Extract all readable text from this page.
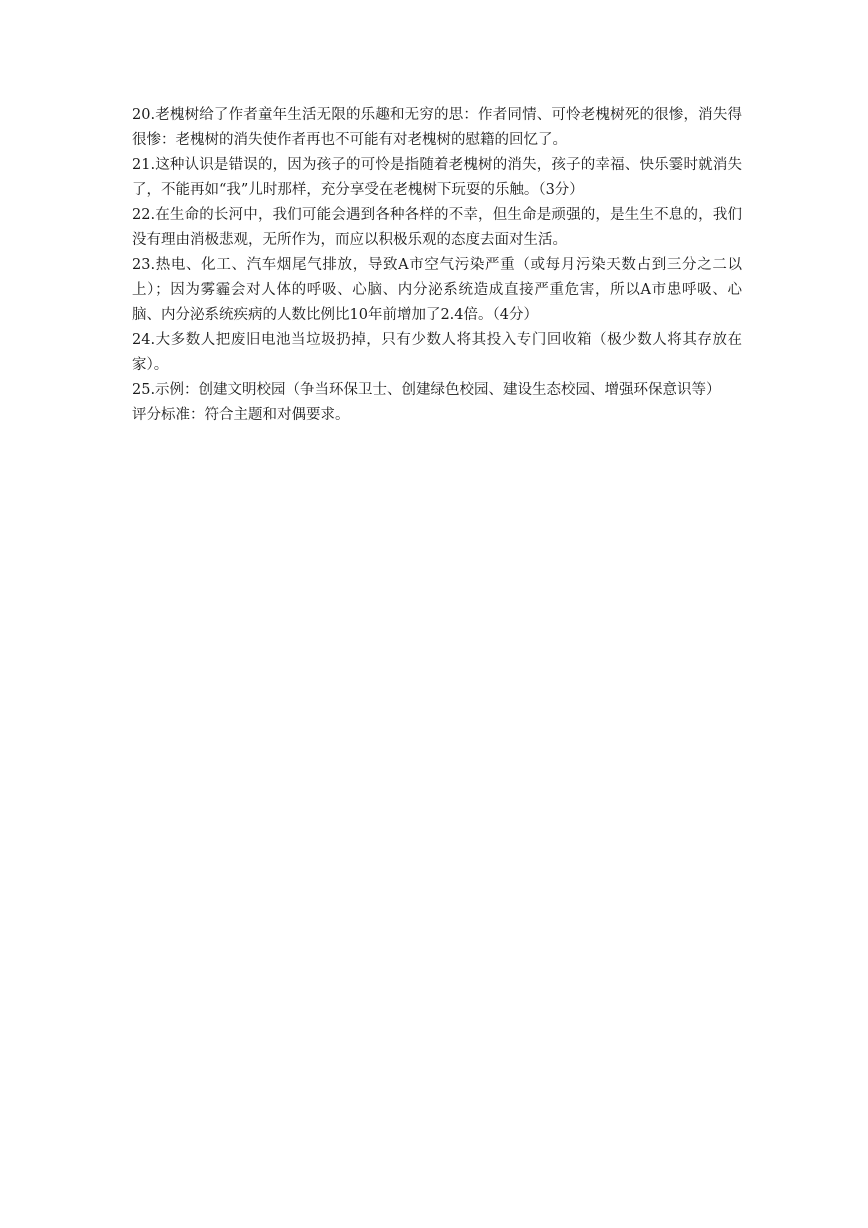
20.老槐树给了作者童年生活无限的乐趣和无穷的思：作者同情、可怜老槐树死的很惨，消失得很惨：老槐树的消失使作者再也不可能有对老槐树的慰籍的回忆了。

21.这种认识是错误的，因为孩子的可怜是指随着老槐树的消失，孩子的幸福、快乐霎时就消失了，不能再如“我”儿时那样，充分享受在老槐树下玩耍的乐触。（3分）

22.在生命的长河中，我们可能会遇到各种各样的不幸，但生命是顽强的，是生生不息的，我们没有理由消极悲观，无所作为，而应以积极乐观的态度去面对生活。

23.热电、化工、汽车烟尾气排放，导致A市空气污染严重（或每月污染天数占到三分之二以上）；因为雾霾会对人体的呼吸、心脑、内分泌系统造成直接严重危害，所以A市患呼吸、心脑、内分泌系统疾病的人数比例比10年前增加了2.4倍。（4分）

24.大多数人把废旧电池当垃圾扔掉，只有少数人将其投入专门回收箱（极少数人将其存放在家）。

25.示例：创建文明校园（争当环保卫士、创建绿色校园、建设生态校园、增强环保意识等）

评分标准：符合主题和对偶要求。
